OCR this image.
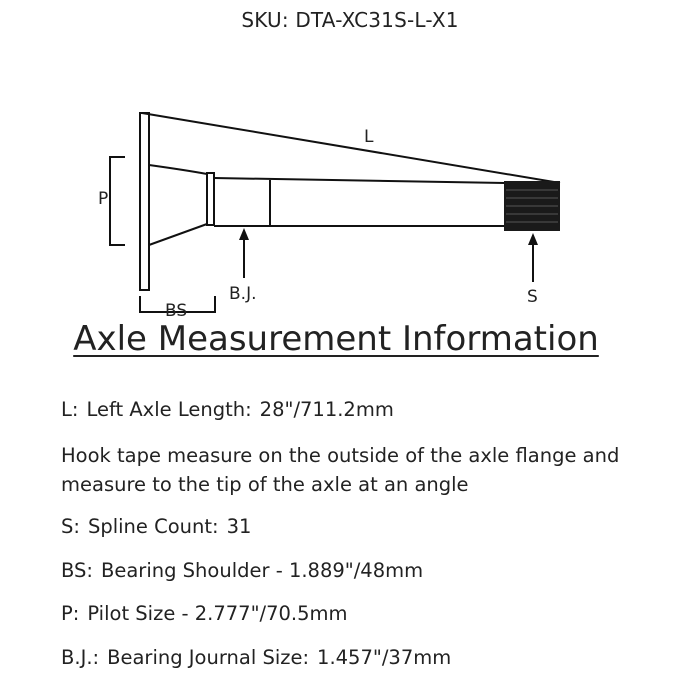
SKU: DTA-XC31S-L-X1
L
P
BS
B.J.	S
Axle Measurement Information
L: Left Axle Length: 28"/711.2mm

Hook tape measure on the outside of the axle flange and measure to the tip of the axle at an angle

S: Spline Count: 31
BS: Bearing Shoulder - 1.889"/48mm
P: Pilot Size - 2.777"/70.5mm
B.J.: Bearing Journal Size: 1.457"/37mm
